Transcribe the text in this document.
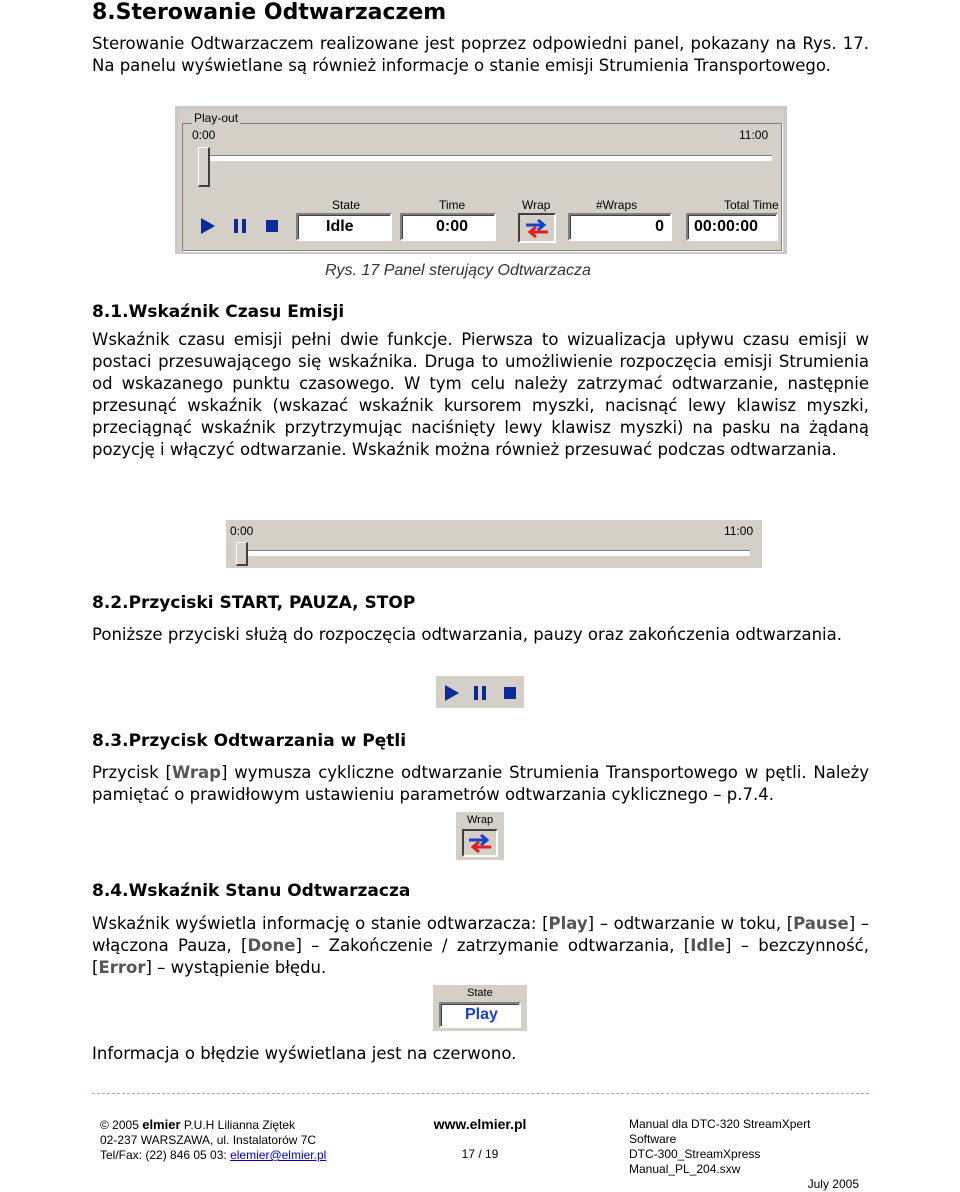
8.Sterowanie Odtwarzaczem
Sterowanie Odtwarzaczem realizowane jest poprzez odpowiedni panel, pokazany na Rys. 17. Na panelu wyświetlane są również informacje o stanie emisji Strumienia Transportowego.
Play-out
0:00	11:00
State
Idle
Time
0:00
Wrap	#Wraps
0
Total Time
00:00:00
Rys. 17 Panel sterujący Odtwarzacza
8.1.Wskaźnik Czasu Emisji
Wskaźnik czasu emisji pełni dwie funkcje. Pierwsza to wizualizacja upływu czasu emisji w postaci przesuwającego się wskaźnika. Druga to umożliwienie rozpoczęcia emisji Strumienia od wskazanego punktu czasowego. W tym celu należy zatrzymać odtwarzanie, następnie przesunąć wskaźnik (wskazać wskaźnik kursorem myszki, nacisnąć lewy klawisz myszki, przeciągnąć wskaźnik przytrzymując naciśnięty lewy klawisz myszki) na pasku na żądaną pozycję i włączyć odtwarzanie. Wskaźnik można również przesuwać podczas odtwarzania.
0:00	11:00
8.2.Przyciski START, PAUZA, STOP
Poniższe przyciski służą do rozpoczęcia odtwarzania, pauzy oraz zakończenia odtwarzania.
8.3.Przycisk Odtwarzania w Pętli
Przycisk [Wrap] wymusza cykliczne odtwarzanie Strumienia Transportowego w pętli. Należy pamiętać o prawidłowym ustawieniu parametrów odtwarzania cyklicznego – p.7.4.
Wrap
8.4.Wskaźnik Stanu Odtwarzacza
Wskaźnik wyświetla informację o stanie odtwarzacza: [Play] – odtwarzanie w toku, [Pause] – włączona Pauza, [Done] – Zakończenie / zatrzymanie odtwarzania, [Idle] – bezczynność, [Error] – wystąpienie błędu.
State
Play
Informacja o błędzie wyświetlana jest na czerwono.
© 2005 elmier P.U.H Lilianna Ziętek
02-237 WARSZAWA, ul. Instalatorów 7C
Tel/Fax: (22) 846 05 03: elemier@elmier.pl
www.elmier.pl

17 / 19
Manual dla DTC-320 StreamXpert Software
DTC-300_StreamXpress Manual_PL_204.sxw
July 2005
